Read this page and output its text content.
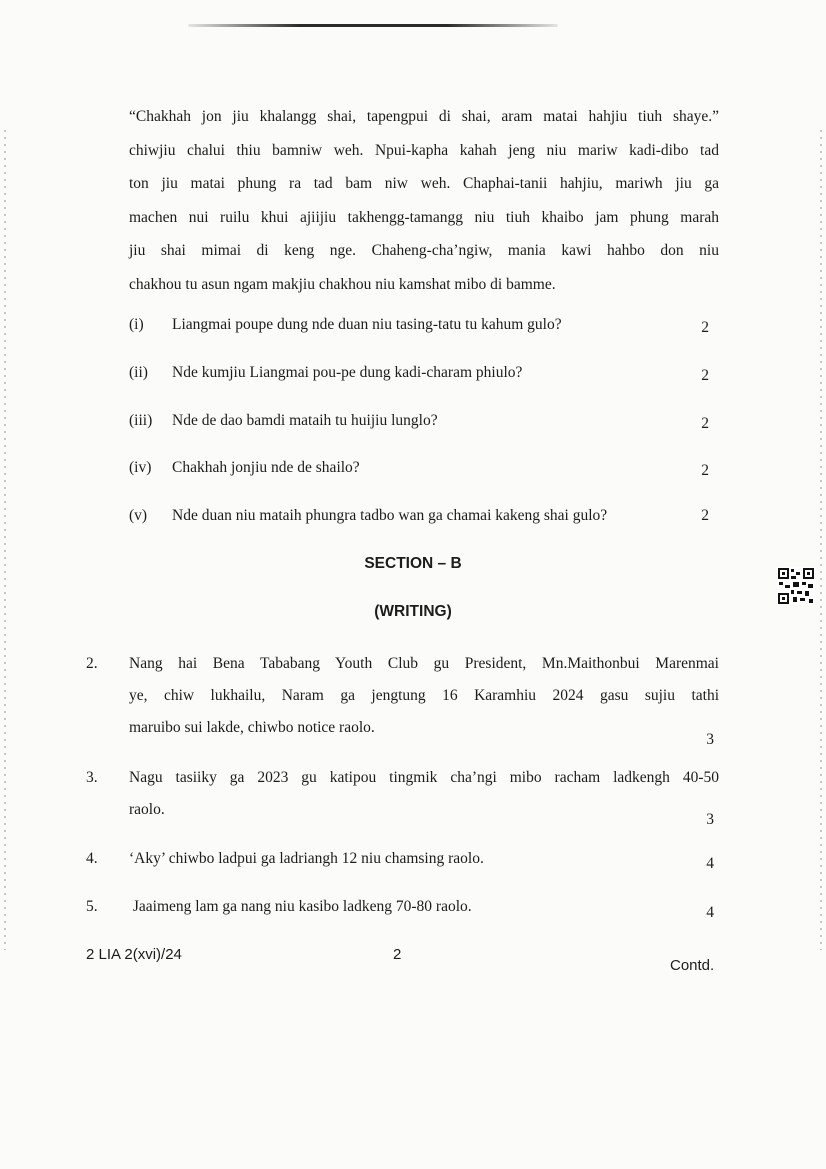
“Chakhah jon jiu khalangg shai, tapengpui di shai, aram matai hahjiu tiuh shaye.”
chiwjiu chalui thiu bamniw weh. Npui-kapha kahah jeng niu mariw kadi-dibo tad
ton jiu matai phung ra tad bam niw weh. Chaphai-tanii hahjiu, mariwh jiu ga
machen nui ruilu khui ajiijiu takhengg-tamangg niu tiuh khaibo jam phung marah
jiu shai mimai di keng nge. Chaheng-cha’ngiw, mania kawi hahbo don niu
chakhou tu asun ngam makjiu chakhou niu kamshat mibo di bamme.
(i) Liangmai poupe dung nde duan niu tasing-tatu tu kahum gulo?	2
(ii) Nde kumjiu Liangmai pou-pe dung kadi-charam phiulo?	2
(iii) Nde de dao bamdi mataih tu huijiu lunglo?	2
(iv) Chakhah jonjiu nde de shailo?	2
(v) Nde duan niu mataih phungra tadbo wan ga chamai kakeng shai gulo?	2
SECTION – B
(WRITING)
2. Nang hai Bena Tababang Youth Club gu President, Mn.Maithonbui Marenmai
ye, chiw lukhailu, Naram ga jengtung 16 Karamhiu 2024 gasu sujiu tathi
maruibo sui lakde, chiwbo notice raolo.
3
3. Nagu tasiiky ga 2023 gu katipou tingmik cha’ngi mibo racham ladkengh 40-50
raolo.
3
4. ‘Aky’ chiwbo ladpui ga ladriangh 12 niu chamsing raolo.	4
5. Jaaimeng lam ga nang niu kasibo ladkeng 70-80 raolo.	4
2 LIA 2(xvi)/24	2
Contd.
